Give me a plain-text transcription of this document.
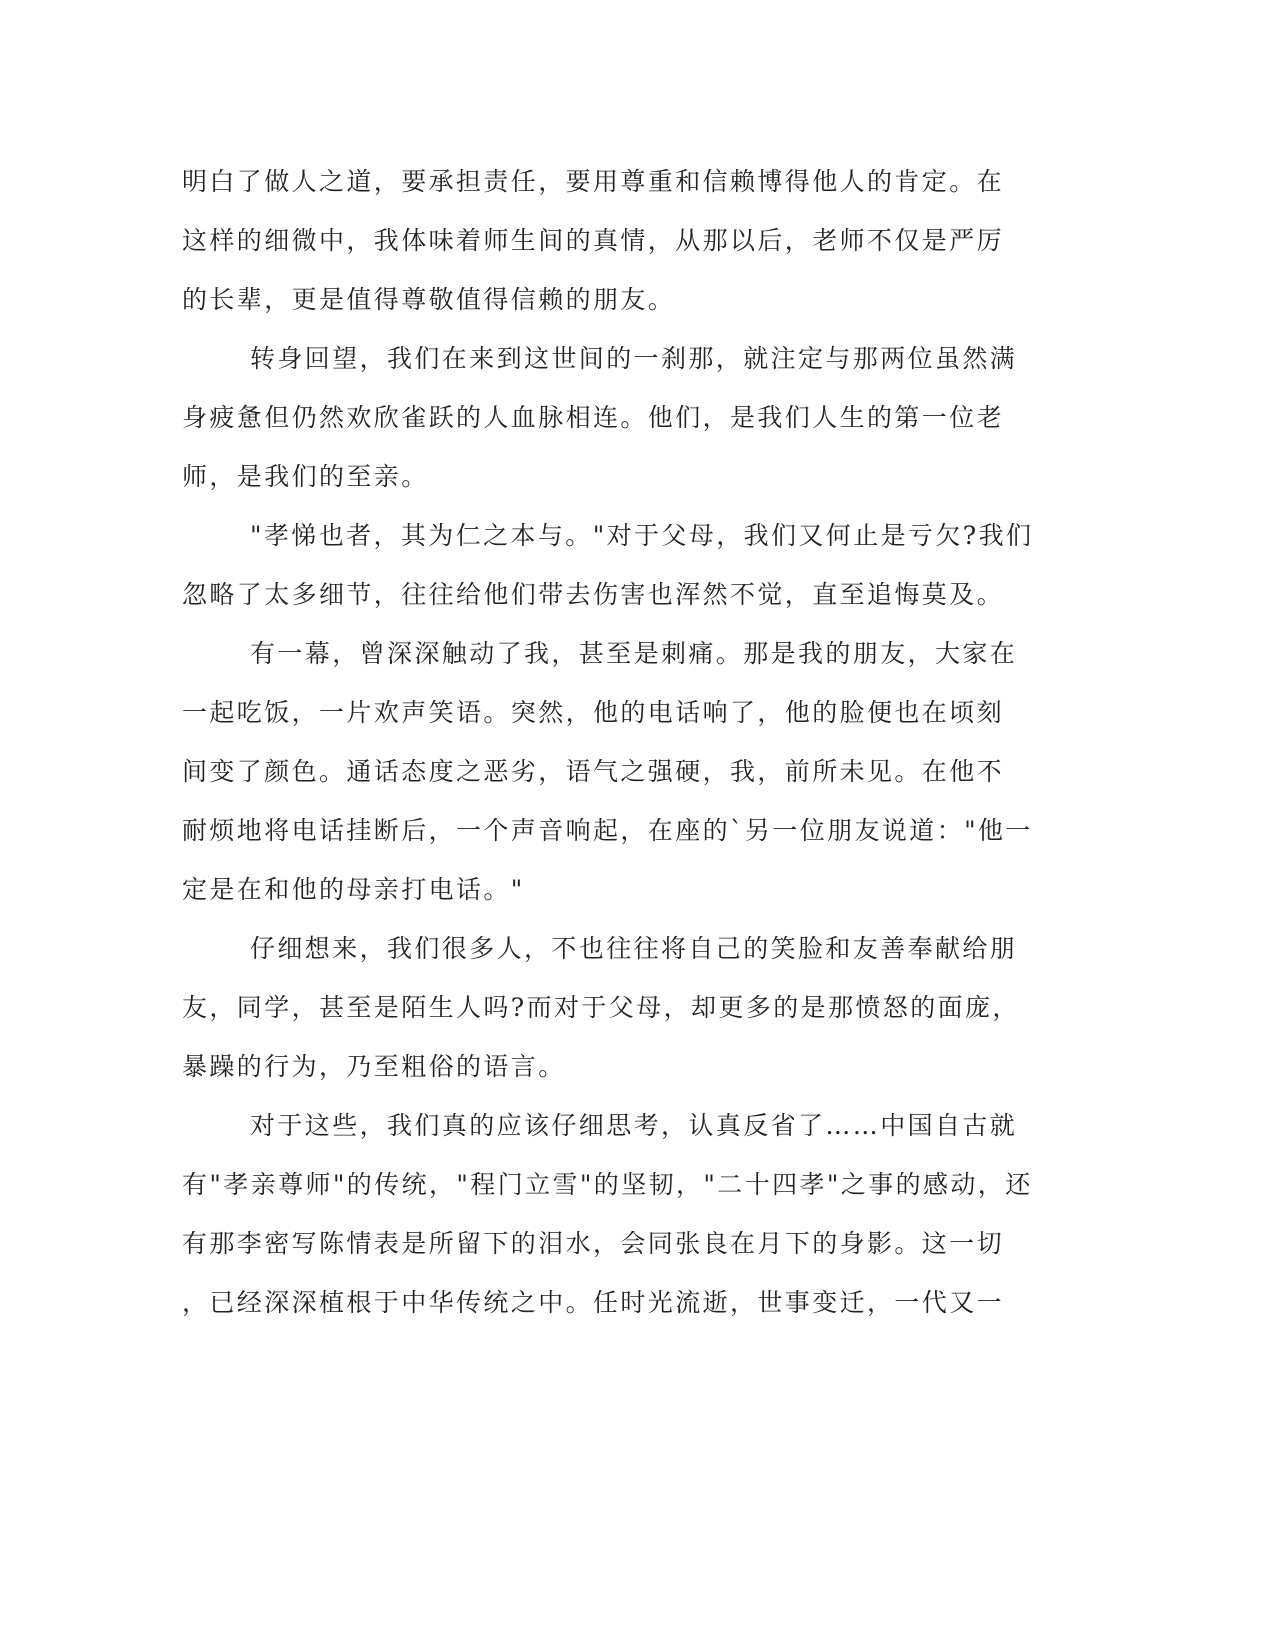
明白了做人之道，要承担责任，要用尊重和信赖博得他人的肯定。在
这样的细微中，我体味着师生间的真情，从那以后，老师不仅是严厉
的长辈，更是值得尊敬值得信赖的朋友。
转身回望，我们在来到这世间的一刹那，就注定与那两位虽然满
身疲惫但仍然欢欣雀跃的人血脉相连。他们，是我们人生的第一位老
师，是我们的至亲。
"孝悌也者，其为仁之本与。"对于父母，我们又何止是亏欠?我们
忽略了太多细节，往往给他们带去伤害也浑然不觉，直至追悔莫及。
有一幕，曾深深触动了我，甚至是刺痛。那是我的朋友，大家在
一起吃饭，一片欢声笑语。突然，他的电话响了，他的脸便也在顷刻
间变了颜色。通话态度之恶劣，语气之强硬，我，前所未见。在他不
耐烦地将电话挂断后，一个声音响起，在座的`另一位朋友说道："他一
定是在和他的母亲打电话。"
仔细想来，我们很多人，不也往往将自己的笑脸和友善奉献给朋
友，同学，甚至是陌生人吗?而对于父母，却更多的是那愤怒的面庞，
暴躁的行为，乃至粗俗的语言。
对于这些，我们真的应该仔细思考，认真反省了……中国自古就
有"孝亲尊师"的传统，"程门立雪"的坚韧，"二十四孝"之事的感动，还
有那李密写陈情表是所留下的泪水，会同张良在月下的身影。这一切
，已经深深植根于中华传统之中。任时光流逝，世事变迁，一代又一
